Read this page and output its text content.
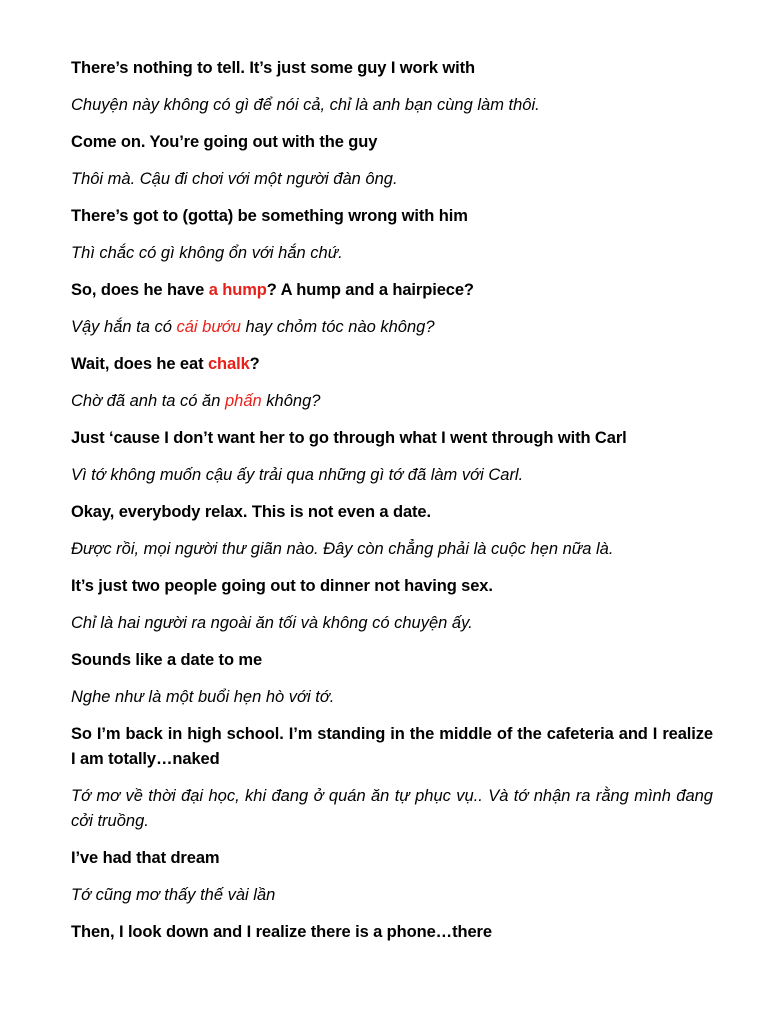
There’s nothing to tell. It’s just some guy I work with

Chuyện này không có gì để nói cả, chỉ là anh bạn cùng làm thôi.

Come on. You’re going out with the guy

Thôi mà. Cậu đi chơi với một người đàn ông.

There’s got to (gotta) be something wrong with him

Thì chắc có gì không ổn với hắn chứ.

So, does he have a hump? A hump and a hairpiece?

Vậy hắn ta có cái bướu hay chỏm tóc nào không?

Wait, does he eat chalk?

Chờ đã anh ta có ăn phấn không?

Just ‘cause I don’t want her to go through what I went through with Carl

Vì tớ không muốn cậu ấy trải qua những gì tớ đã làm với Carl.

Okay, everybody relax. This is not even a date.

Được rồi, mọi người thư giãn nào. Đây còn chẳng phải là cuộc hẹn nữa là.

It’s just two people going out to dinner not having sex.

Chỉ là hai người ra ngoài ăn tối và không có chuyện ấy.

Sounds like a date to me

Nghe như là một buổi hẹn hò với tớ.

So I’m back in high school. I’m standing in the middle of the cafeteria and I realize I am totally…naked

Tớ mơ về thời đại học, khi đang ở quán ăn tự phục vụ.. Và tớ nhận ra rằng mình đang cởi truồng.

I’ve had that dream

Tớ cũng mơ thấy thế vài lần

Then, I look down and I realize there is a phone…there
